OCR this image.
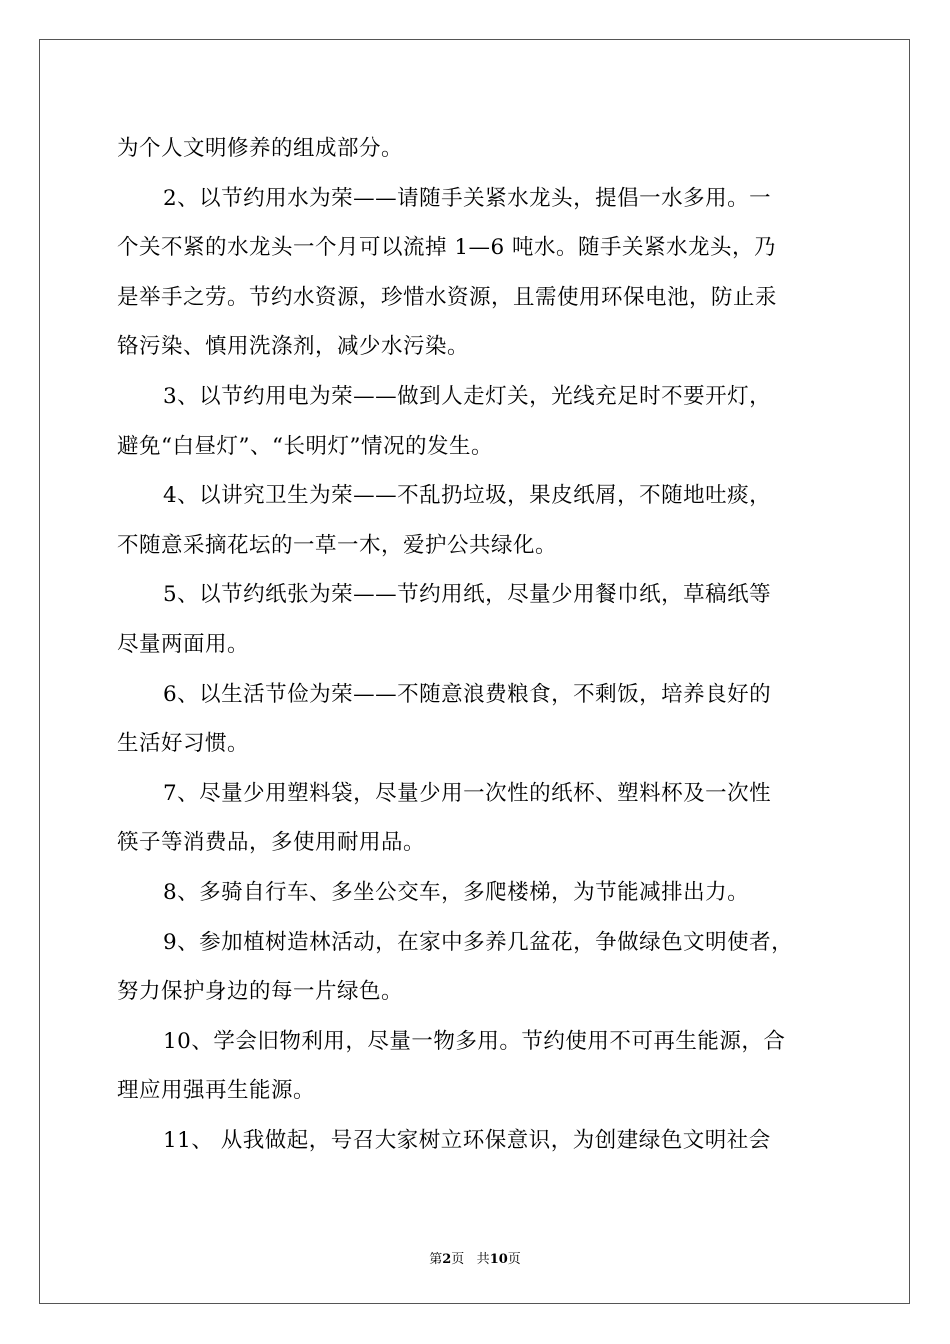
为个人文明修养的组成部分。
2、以节约用水为荣——请随手关紧水龙头，提倡一水多用。一
个关不紧的水龙头一个月可以流掉 1—6 吨水。随手关紧水龙头，乃
是举手之劳。节约水资源，珍惜水资源，且需使用环保电池，防止汞
铬污染、慎用洗涤剂，减少水污染。
3、以节约用电为荣——做到人走灯关，光线充足时不要开灯，
避免“白昼灯”、“长明灯”情况的发生。
4、以讲究卫生为荣——不乱扔垃圾，果皮纸屑，不随地吐痰，
不随意采摘花坛的一草一木，爱护公共绿化。
5、以节约纸张为荣——节约用纸，尽量少用餐巾纸，草稿纸等
尽量两面用。
6、以生活节俭为荣——不随意浪费粮食，不剩饭，培养良好的
生活好习惯。
7、尽量少用塑料袋，尽量少用一次性的纸杯、塑料杯及一次性
筷子等消费品，多使用耐用品。
8、多骑自行车、多坐公交车，多爬楼梯，为节能减排出力。
9、参加植树造林活动，在家中多养几盆花，争做绿色文明使者，
努力保护身边的每一片绿色。
10、学会旧物利用，尽量一物多用。节约使用不可再生能源，合
理应用强再生能源。
11、 从我做起，号召大家树立环保意识，为创建绿色文明社会
第2页 共10页
